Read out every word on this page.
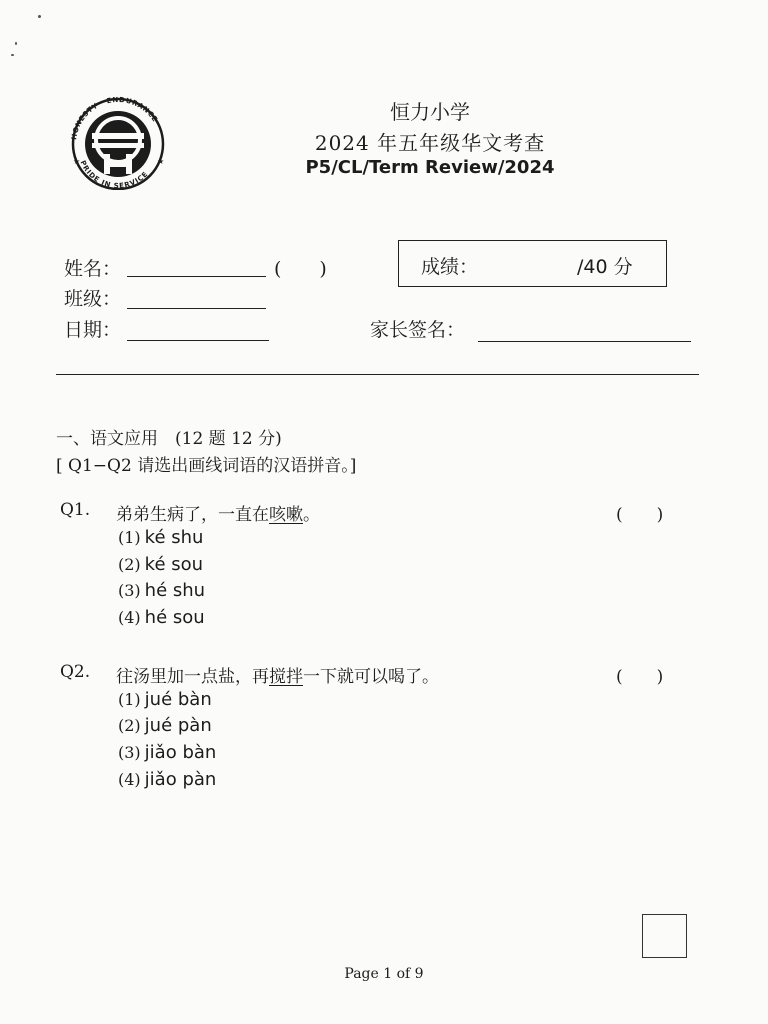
HONESTY · ENDURANCE
PRIDE IN SERVICE
★	★
恒力小学
2024 年五年级华文考查
P5/CL/Term Review/2024
姓名：	(　　)	成绩：	/40 分
班级：
日期：	家长签名：
一、语文应用　(12 题 12 分)
[ Q1−Q2 请选出画线词语的汉语拼音。]
Q1. 弟弟生病了，一直在咳嗽。	(　　)
(1) ké shu
(2) ké sou
(3) hé shu
(4) hé sou
Q2. 往汤里加一点盐，再搅拌一下就可以喝了。	(　　)
(1) jué bàn
(2) jué pàn
(3) jiǎo bàn
(4) jiǎo pàn
Page 1 of 9
